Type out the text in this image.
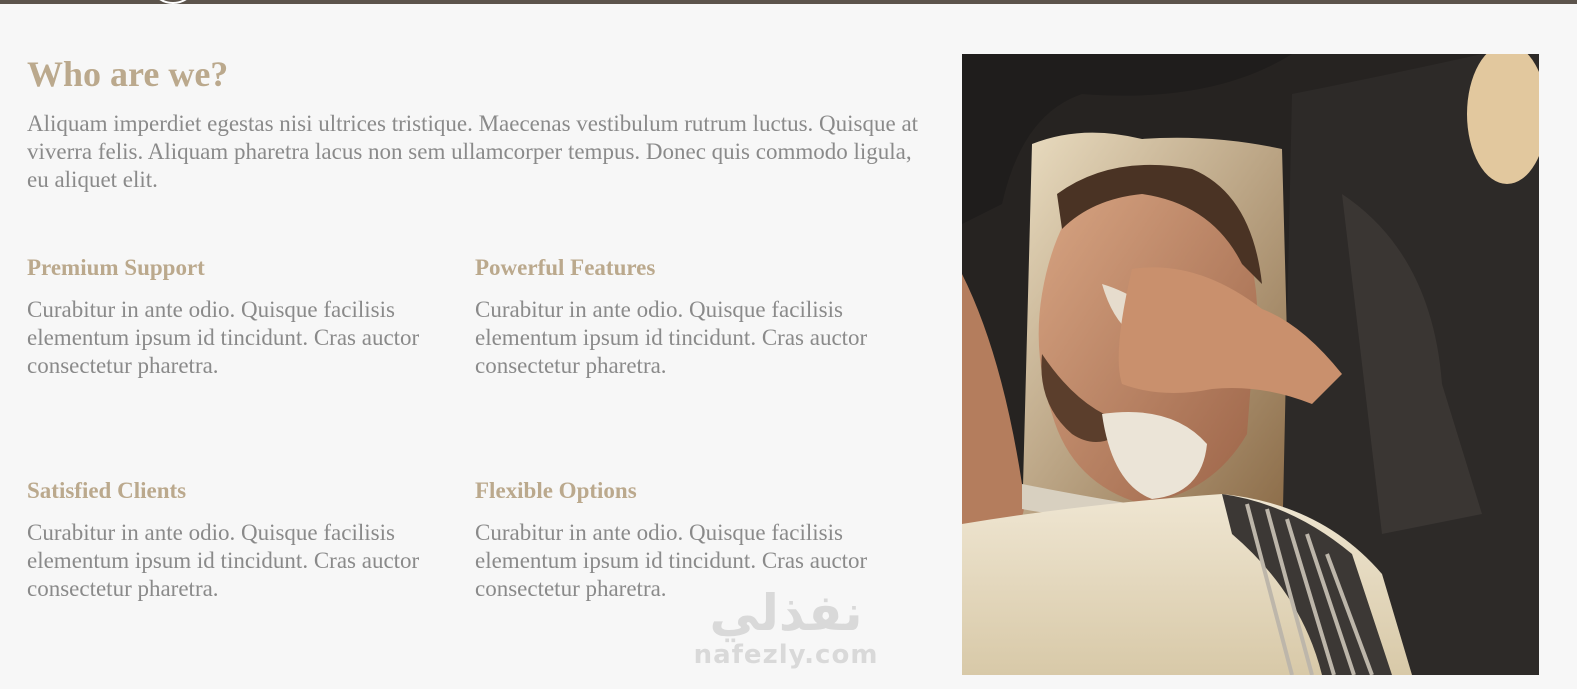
Who are we?

Aliquam imperdiet egestas nisi ultrices tristique. Maecenas vestibulum rutrum luctus. Quisque at viverra felis. Aliquam pharetra lacus non sem ullamcorper tempus. Donec quis commodo ligula, eu aliquet elit.

Premium Support

Curabitur in ante odio. Quisque facilisis elementum ipsum id tincidunt. Cras auctor consectetur pharetra.

Powerful Features

Curabitur in ante odio. Quisque facilisis elementum ipsum id tincidunt. Cras auctor consectetur pharetra.

Satisfied Clients

Curabitur in ante odio. Quisque facilisis elementum ipsum id tincidunt. Cras auctor consectetur pharetra.

Flexible Options

Curabitur in ante odio. Quisque facilisis elementum ipsum id tincidunt. Cras auctor consectetur pharetra. نفذلي
nafezly.com
